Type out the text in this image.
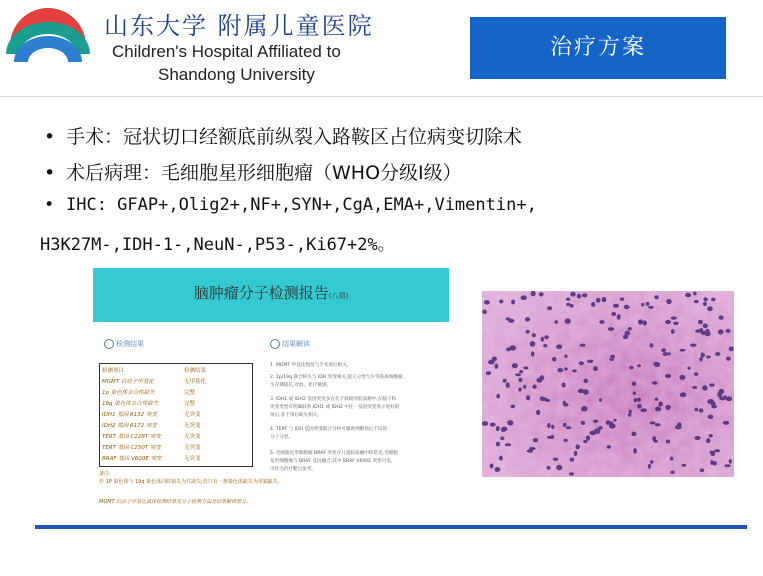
山东大学 附属儿童医院
Children's Hospital Affiliated to
Shandong University
治疗方案
• 手术：冠状切口经额底前纵裂入路鞍区占位病变切除术
• 术后病理：毛细胞星形细胞瘤（WHO分级Ⅰ级）
• IHC: GFAP+,Olig2+,NF+,SYN+,CgA,EMA+,Vimentin+,
H3K27M-,IDH-1-,NeuN-,P53-,Ki67+2%。
脑肿瘤分子检测报告(八项)
检测结果	结果解读
检测项目	检测结果
MGMT 启动子甲基化	无甲基化
1p 染色体杂合性缺失	完整
19q 染色体杂合性缺失	完整
IDH1 基因 R132 突变	无突变
IDH2 基因 R172 突变	无突变
TERT 基因 C228T 突变	无突变
TERT 基因 C250T 突变	无突变
BRAF 基因 V600E 突变	无突变
备注:
若 1P 染色体与 19q 染色体同时缺失为共缺失;若只有一条染色体缺失为单独缺失。
MGMT 启动子甲基化具体检测结果见分子检测方法及结果解读部分。
1. MGMT 甲基化程度与手术预后相关。
2. 1p/19q 联合缺失与 IDH 突变相关,提示分型与少突胶质细胞瘤,
生存期较长,对放、化疗敏感。
3. IDH1 或 IDH2 基因突变多存在于低级别胶质瘤中,在脑干和
突变类型有明确联系,IDH1 或 IDH2 中任一基因突变预示更好的
预后,多于预后缺失相关。
4. TERT 与 IDH 基因突变联合分析可辅助判断预后不同的
分子分型。
5. 毛细胞星形细胞瘤 BRAF 突变在儿童胶质瘤中较常见,毛细胞
星形细胞瘤与 BRAF 基因融合,其中 BRAF V600E 突变可见,
可作为治疗靶点参考。
